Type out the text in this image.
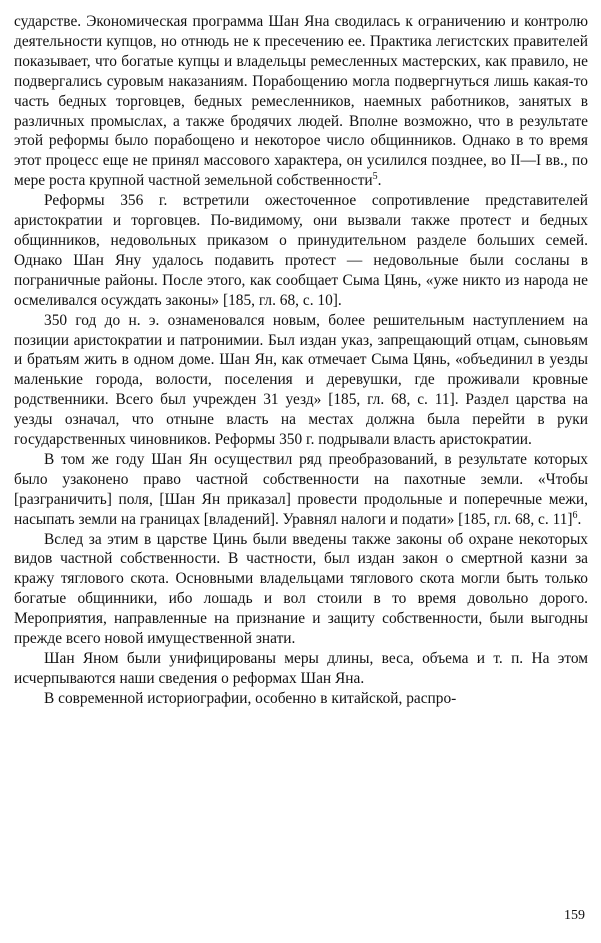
сударстве. Экономическая программа Шан Яна сводилась к ограничению и контролю деятельности купцов, но отнюдь не к пресечению ее. Практика легистских правителей показывает, что богатые купцы и владельцы ремесленных мастерских, как правило, не подвергались суровым наказаниям. Порабощению могла подвергнуться лишь какая-то часть бедных торговцев, бедных ремесленников, наемных работников, занятых в различных промыслах, а также бродячих людей. Вполне возможно, что в результате этой реформы было порабощено и некоторое число общинников. Однако в то время этот процесс еще не принял массового характера, он усилился позднее, во II—I вв., по мере роста крупной частной земельной собственности$^5$.

Реформы 356 г. встретили ожесточенное сопротивление представителей аристократии и торговцев. По-видимому, они вызвали также протест и бедных общинников, недовольных приказом о принудительном разделе больших семей. Однако Шан Яну удалось подавить протест — недовольные были сосланы в пограничные районы. После этого, как сообщает Сыма Цянь, «уже никто из народа не осмеливался осуждать законы» [185, гл. 68, с. 10].

350 год до н. э. ознаменовался новым, более решительным наступлением на позиции аристократии и патронимии. Был издан указ, запрещающий отцам, сыновьям и братьям жить в одном доме. Шан Ян, как отмечает Сыма Цянь, «объединил в уезды маленькие города, волости, поселения и деревушки, где проживали кровные родственники. Всего был учрежден 31 уезд» [185, гл. 68, с. 11]. Раздел царства на уезды означал, что отныне власть на местах должна была перейти в руки государственных чиновников. Реформы 350 г. подрывали власть аристократии.

В том же году Шан Ян осуществил ряд преобразований, в результате которых было узаконено право частной собственности на пахотные земли. «Чтобы [разграничить] поля, [Шан Ян приказал] провести продольные и поперечные межи, насыпать земли на границах [владений]. Уравнял налоги и подати» [185, гл. 68, с. 11]$^6$.

Вслед за этим в царстве Цинь были введены также законы об охране некоторых видов частной собственности. В частности, был издан закон о смертной казни за кражу тяглового скота. Основными владельцами тяглового скота могли быть только богатые общинники, ибо лошадь и вол стоили в то время довольно дорого. Мероприятия, направленные на признание и защиту собственности, были выгодны прежде всего новой имущественной знати.

Шан Яном были унифицированы меры длины, веса, объема и т. п. На этом исчерпываются наши сведения о реформах Шан Яна.

В современной историографии, особенно в китайской, распро-

159
